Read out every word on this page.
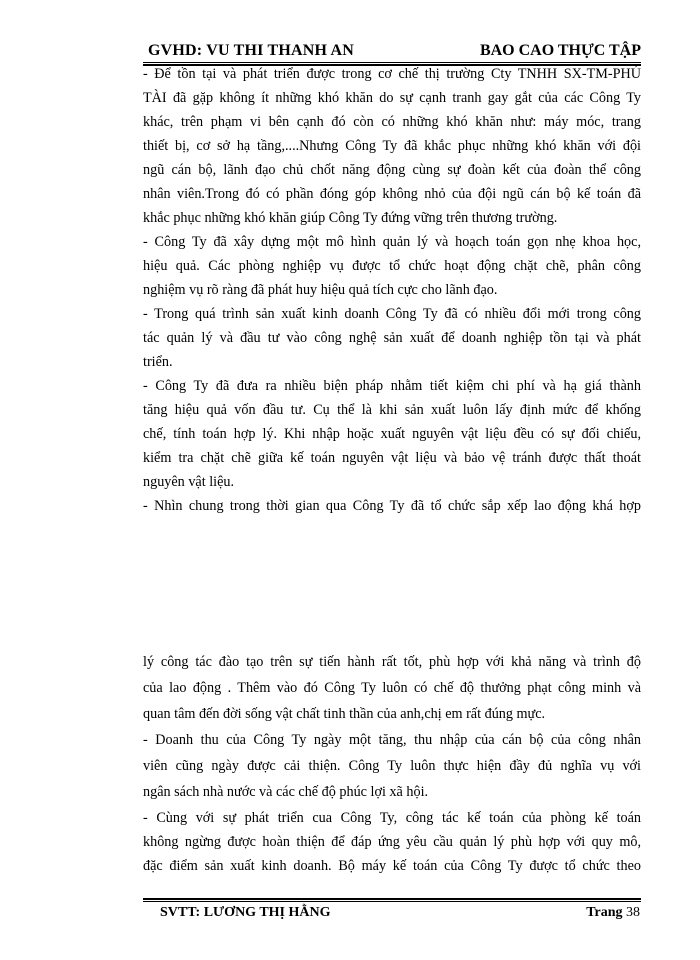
GVHD: VU THI THANH AN	BAO CAO THỰC TẬP
- Để tồn tại và phát triển được trong cơ chế thị trường Cty TNHH SX-TM-PHÚ
TÀI đã gặp không ít những khó khăn do sự cạnh tranh gay gắt của các Công Ty
khác, trên phạm vi bên cạnh đó còn có những khó khăn như: máy móc, trang
thiết bị, cơ sở hạ tầng,....Nhưng Công Ty đã khắc phục những khó khăn với đội
ngũ cán bộ, lãnh đạo chủ chốt năng động cùng sự đoàn kết của đoàn thể công
nhân viên.Trong đó có phần đóng góp không nhỏ của đội ngũ cán bộ kế toán đã
khắc phục những khó khăn giúp Công Ty đứng vững trên thương trường.
- Công Ty đã xây dựng một mô hình quản lý và hoạch toán gọn nhẹ khoa học,
hiệu quả. Các phòng nghiệp vụ được tổ chức hoạt động chặt chẽ, phân công
nghiệm vụ rõ ràng đã phát huy hiệu quả tích cực cho lãnh đạo.
- Trong quá trình sản xuất kinh doanh Công Ty đã có nhiều đổi mới trong công
tác quản lý và đầu tư vào công nghệ sản xuất để doanh nghiệp tồn tại và phát
triển.
- Công Ty đã đưa ra nhiều biện pháp nhằm tiết kiệm chi phí và hạ giá thành
tăng hiệu quả vốn đầu tư. Cụ thể là khi sản xuất luôn lấy định mức để khống
chế, tính toán hợp lý. Khi nhập hoặc xuất nguyên vật liệu đều có sự đối chiếu,
kiểm tra chặt chẽ giữa kế toán nguyên vật liệu và bảo vệ tránh được thất thoát
nguyên vật liệu.
- Nhìn chung trong thời gian qua Công Ty đã tổ chức sắp xếp lao động khá hợp
lý công tác đào tạo trên sự tiến hành rất tốt, phù hợp với khả năng và trình độ
của lao động . Thêm vào đó Công Ty luôn có chế độ thưởng phạt công minh và
quan tâm đến đời sống vật chất tinh thần của anh,chị em rất đúng mực.
- Doanh thu của Công Ty ngày một tăng, thu nhập của cán bộ của công nhân
viên cũng ngày được cải thiện. Công Ty luôn thực hiện đầy đủ nghĩa vụ với
ngân sách nhà nước và các chế độ phúc lợi xã hội.
- Cùng với sự phát triển cua Công Ty, công tác kế toán của phòng kế toán
không ngừng được hoàn thiện để đáp ứng yêu cầu quản lý phù hợp với quy mô,
đặc điểm sản xuất kinh doanh. Bộ máy kế toán của Công Ty được tổ chức theo
SVTT: LƯƠNG THỊ HẰNG	Trang 38
